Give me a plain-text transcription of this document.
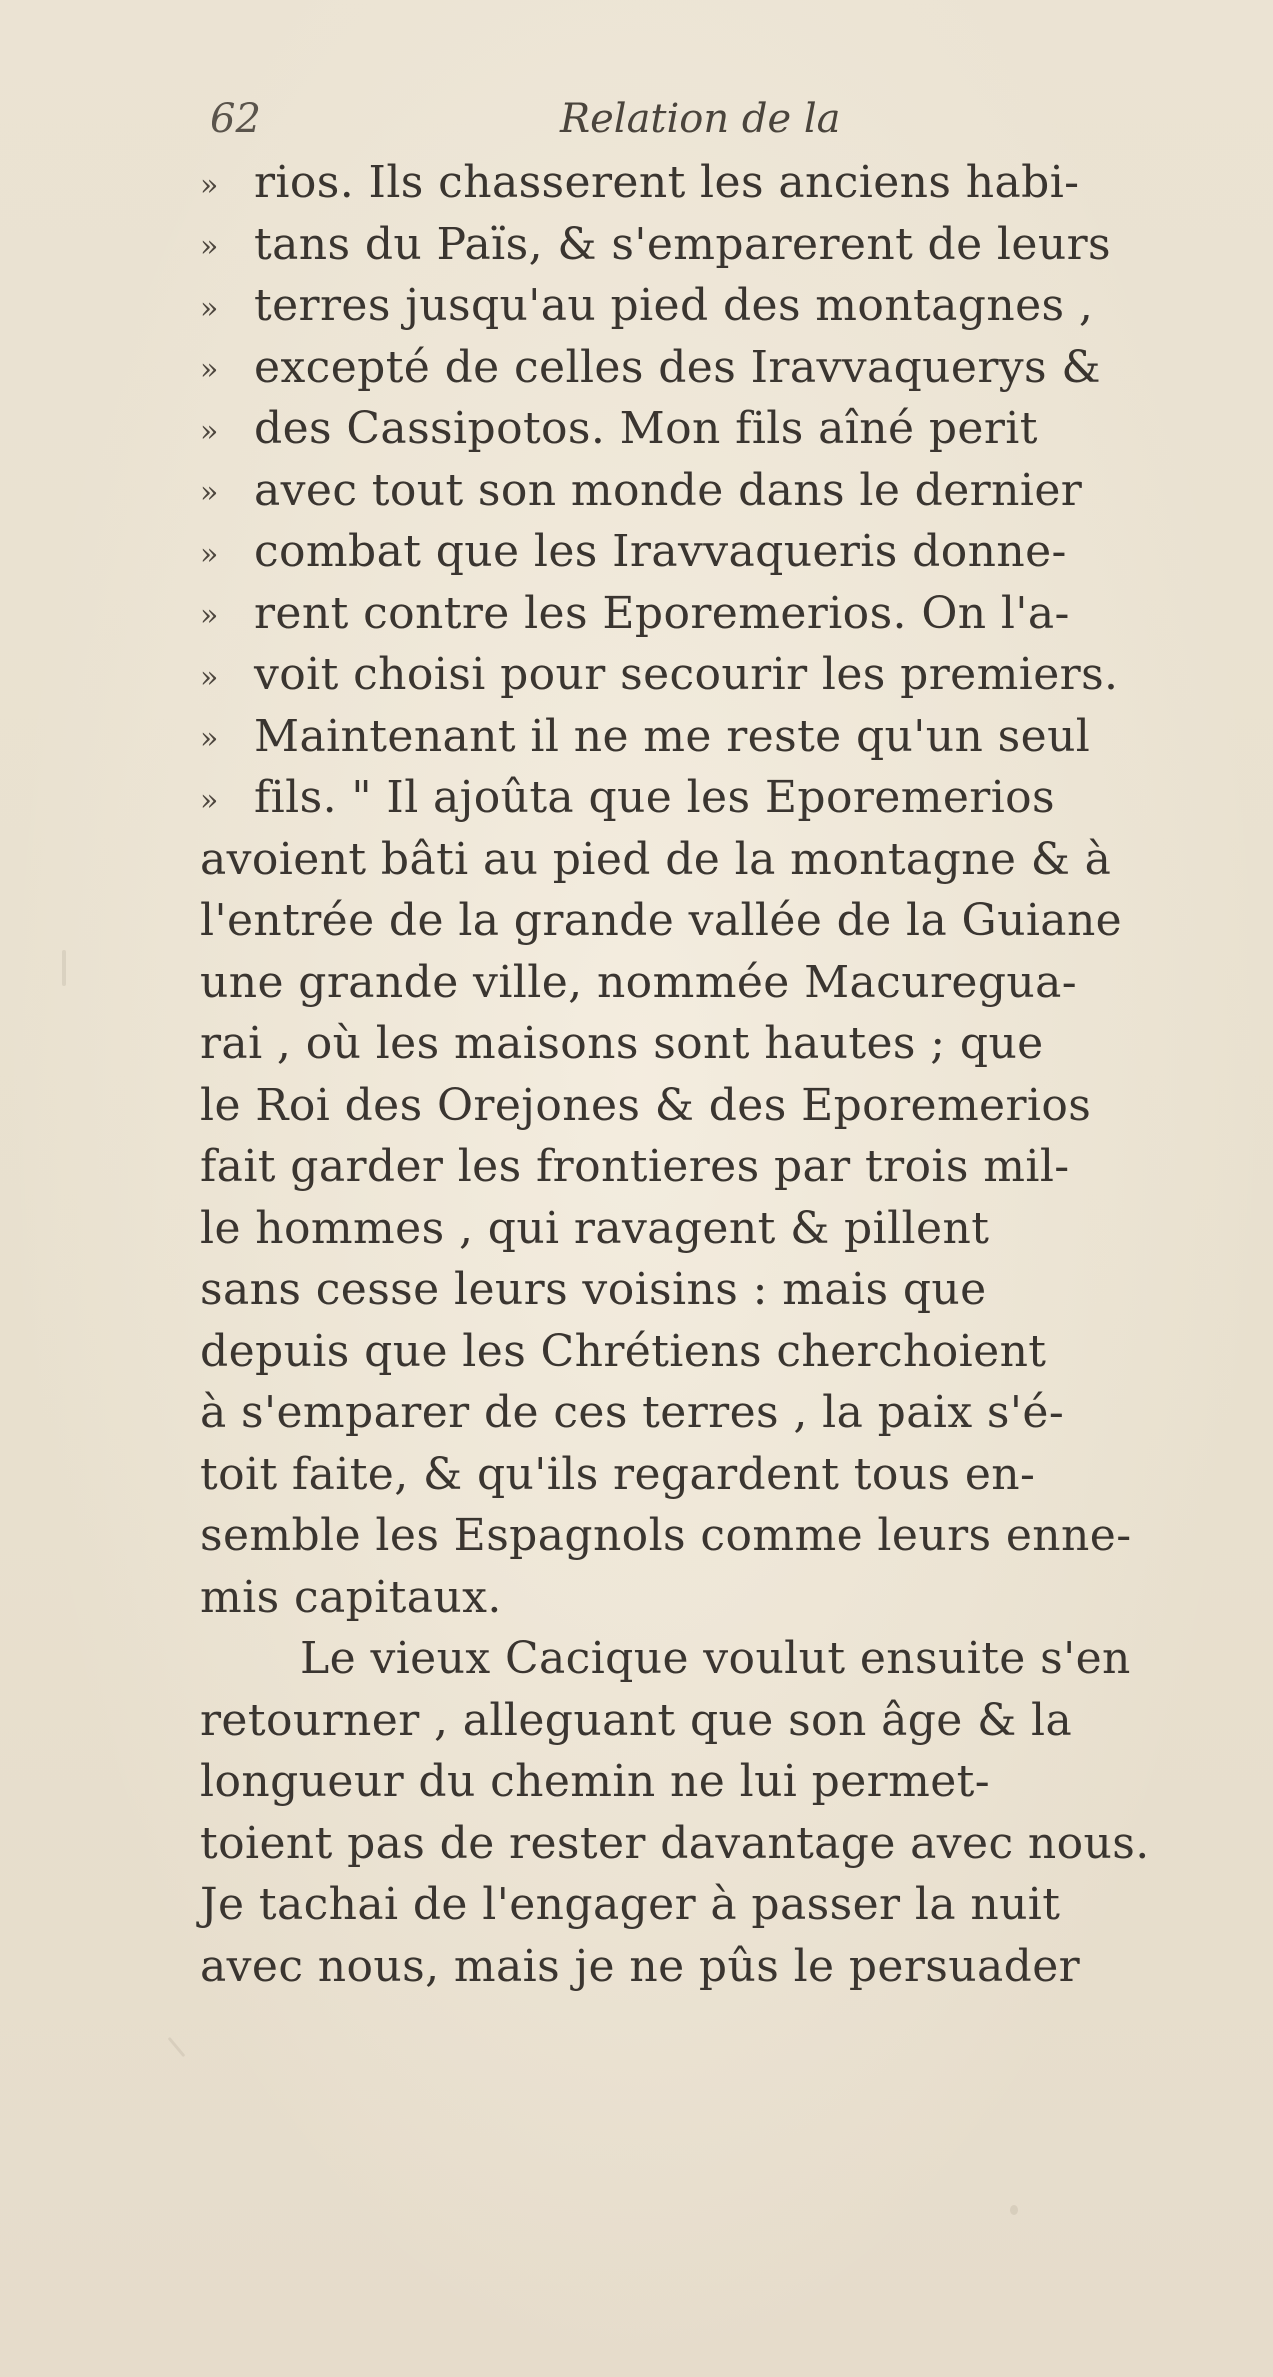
62	Relation de la
» rios. Ils chasserent les anciens habi-
» tans du Païs, & s'emparerent de leurs
» terres jusqu'au pied des montagnes ,
» excepté de celles des Iravvaquerys &
» des Cassipotos. Mon fils aîné perit
» avec tout son monde dans le dernier
» combat que les Iravvaqueris donne-
» rent contre les Eporemerios. On l'a-
» voit choisi pour secourir les premiers.
» Maintenant il ne me reste qu'un seul
» fils. " Il ajoûta que les Eporemerios
avoient bâti au pied de la montagne & à
l'entrée de la grande vallée de la Guiane
une grande ville, nommée Macuregua-
rai , où les maisons sont hautes ; que
le Roi des Orejones & des Eporemerios
fait garder les frontieres par trois mil-
le hommes , qui ravagent & pillent
sans cesse leurs voisins : mais que
depuis que les Chrétiens cherchoient
à s'emparer de ces terres , la paix s'é-
toit faite, & qu'ils regardent tous en-
semble les Espagnols comme leurs enne-
mis capitaux.
Le vieux Cacique voulut ensuite s'en
retourner , alleguant que son âge & la
longueur du chemin ne lui permet-
toient pas de rester davantage avec nous.
Je tachai de l'engager à passer la nuit
avec nous, mais je ne pûs le persuader
